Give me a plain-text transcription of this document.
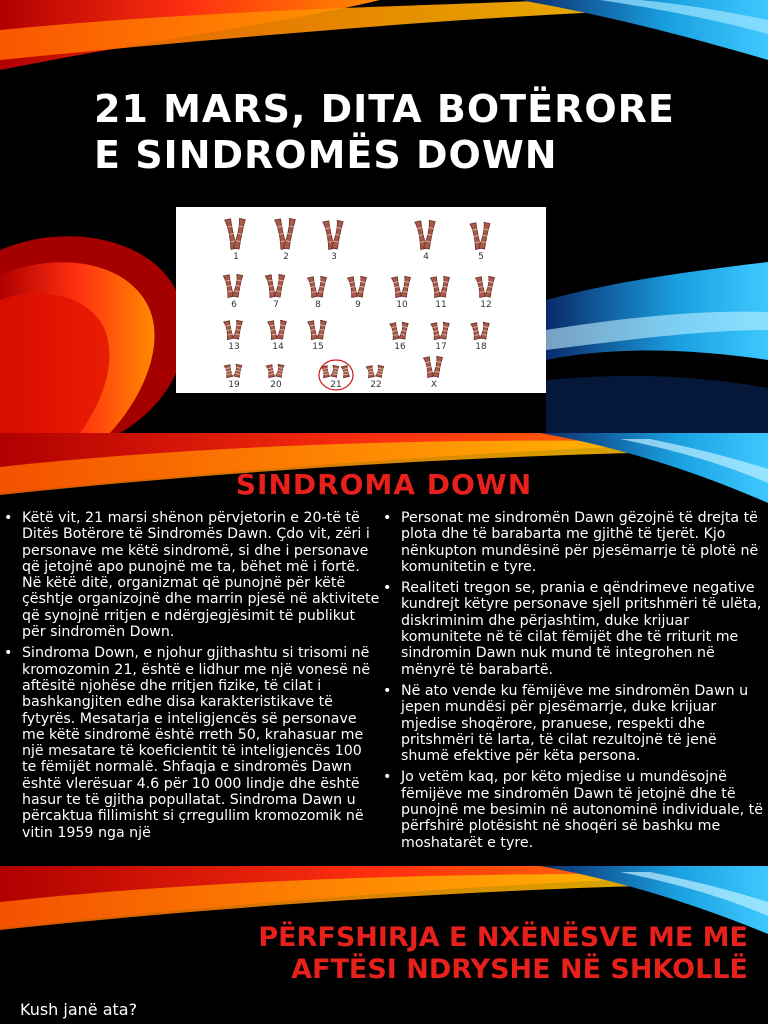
21 MARS, DITA BOTËRORE
E SINDROMËS DOWN
1	2	3	4	5
6	7	8	9	10	11	12
13	14	15	16	17	18
19	20	21	22	X
SINDROMA DOWN
• Këtë vit, 21 marsi shënon përvjetorin e 20-të të Ditës Botërore të Sindromës Dawn. Çdo vit, zëri i personave me këtë sindromë, si dhe i personave që jetojnë apo punojnë me ta, bëhet më i fortë. Në këtë ditë, organizmat që punojnë për këtë çështje organizojnë dhe marrin pjesë në aktivitete që synojnë rritjen e ndërgjegjësimit të publikut për sindromën Down.
• Sindroma Down, e njohur gjithashtu si trisomi në kromozomin 21, është e lidhur me një vonesë në aftësitë njohëse dhe rritjen fizike, të cilat i bashkangjiten edhe disa karakteristikave të fytyrës. Mesatarja e inteligjencës së personave me këtë sindromë është rreth 50, krahasuar me një mesatare të koeficientit të inteligjencës 100 te fëmijët normalë. Shfaqja e sindromës Dawn është vlerësuar 4.6 për 10 000 lindje dhe është hasur te të gjitha popullatat. Sindroma Dawn u përcaktua fillimisht si çrregullim kromozomik në vitin 1959 nga një
• Personat me sindromën Dawn gëzojnë të drejta të plota dhe të barabarta me gjithë të tjerët. Kjo nënkupton mundësinë për pjesëmarrje të plotë në komunitetin e tyre.
• Realiteti tregon se, prania e qëndrimeve negative kundrejt këtyre personave sjell pritshmëri të ulëta, diskriminim dhe përjashtim, duke krijuar komunitete në të cilat fëmijët dhe të rriturit me sindromin Dawn nuk mund të integrohen në mënyrë të barabartë.
• Në ato vende ku fëmijëve me sindromën Dawn u jepen mundësi për pjesëmarrje, duke krijuar mjedise shoqërore, pranuese, respekti dhe pritshmëri të larta, të cilat rezultojnë të jenë shumë efektive për këta persona.
• Jo vetëm kaq, por këto mjedise u mundësojnë fëmijëve me sindromën Dawn të jetojnë dhe të punojnë me besimin në autonominë individuale, të përfshirë plotësisht në shoqëri së bashku me moshatarët e tyre.
PËRFSHIRJA E NXËNËSVE ME ME
AFTËSI NDRYSHE NË SHKOLLË
Kush janë ata?
